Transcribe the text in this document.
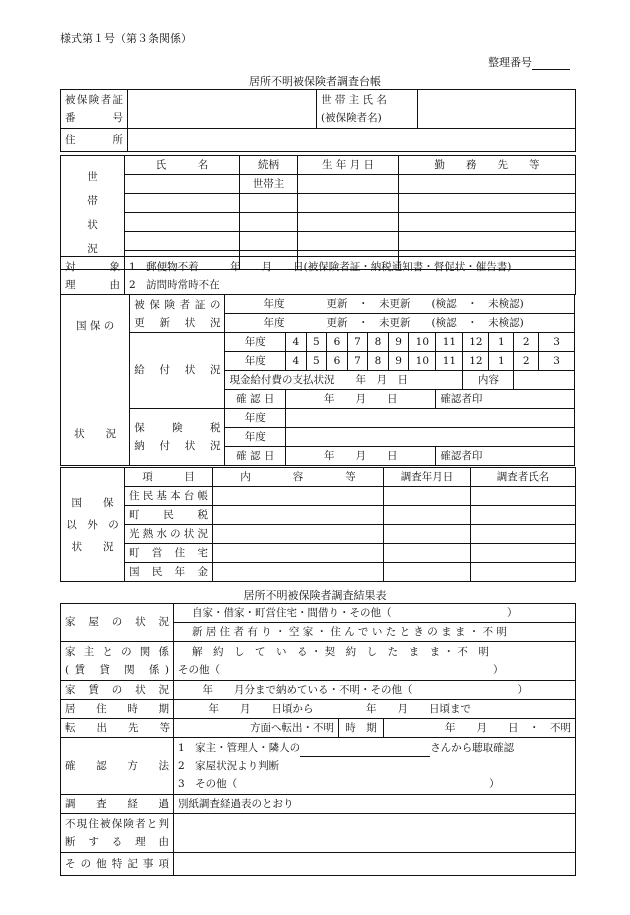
様式第１号（第３条関係）
整理番号
居所不明被保険者調査台帳
被保険者証
番　　　号		世 帯 主 氏 名
(被保険者名)	
住　　所			
世
帯
状
況	氏　　　名	続柄	生 年 月 日	勤　　務　　先　　等
		世帯主		

対　　象
理　　由	1　郵便物不着　　　年　　月　　日(被保険者証・納税通知書・督促状・催告書)
2　訪問時常時不在
国 保 の

状　　況	被保険者証の
更　新　状　況	年度　　　　更新　・　未更新　　(検認　・　未検認)												
		年度　　　　更新　・　未更新　　(検認　・　未検認)												
	給　付　状　況	年度	4	5	6	7	8	9	10	11	12	1	2	3
		年度	4	5	6	7	8	9	10	11	12	1	2	3
		現金給付費の支払状況　　年　月　日									内容			
		確 認 日	年　　月　　日							確認者印				
	保　　険　　税
納　付　状　況	年度												
		年度												
		確 認 日	年　　月　　日							確認者印				
国　　保
以　外　の
状　　況	項　　　目	内　　　　容　　　　等	調査年月日	調査者氏名
	住民基本台帳			
	町　　民　　税			
	光熱水の状況			
	町 営 住 宅			
	国　民　年　金			
居所不明被保険者調査結果表
家 屋 の 状 況	自家・借家・町営住宅・間借り・その他（　　　　　　　　　　　）		
	新 居 住 者 有 り ・ 空 家 ・ 住 ん で い た と き の ま ま ・ 不 明		
家主との関係
(賃 貸 関 係)	解　約　し　て　い　る ・ 契　約　し　た　ま　ま ・ 不　明
その他（　　　　　　　　　　　　　　　　　　　　　　　　　　）		
家 賃 の 状 況	　年　　月分まで納めている・不明・その他（　　　　　　　　　　）		
居　住　時　期	　年　　月　　日頃から　　　　　年　　月　　日頃まで		
転　　出　　先　　等	方面へ転出・不明	時　期	年　　月　　日　・　不明
確　認　方　法	1　家主・管理人・隣人の さんから聴取確認
2　家屋状況より判断
3　その他（　　　　　　　　　　　　　　　　　　　　　　　　）		
調　査　経　過	別紙調査経過表のとおり		
不現住被保険者と判
断　す　る　理　由			
そ の 他 特 記 事 項			
